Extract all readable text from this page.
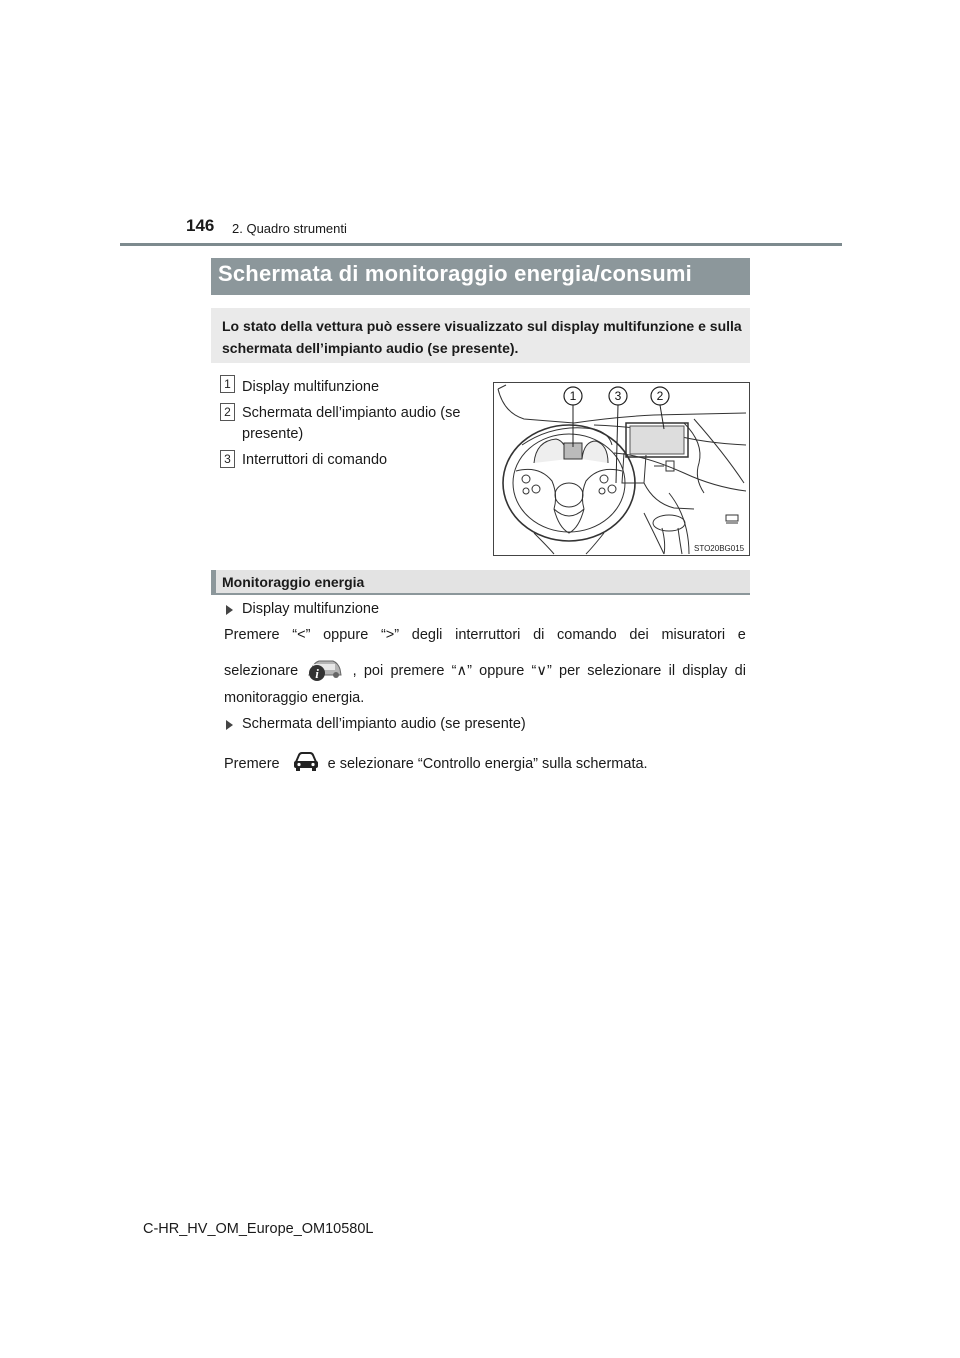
146 2. Quadro strumenti
Schermata di monitoraggio energia/consumi
Lo stato della vettura può essere visualizzato sul display multifunzione e sulla schermata dell’impianto audio (se presente).
1 Display multifunzione
2 Schermata dell’impianto audio (se
presente)
3 Interruttori di comando
1	3	2
STO20BG015
Monitoraggio energia
Display multifunzione
Premere “<” oppure “>” degli interruttori di comando dei misuratori e
selezionare i , poi premere “∧” oppure “∨” per selezionare il display di
monitoraggio energia.
Schermata dell’impianto audio (se presente)
Premere	e selezionare “Controllo energia” sulla schermata.
C-HR_HV_OM_Europe_OM10580L
